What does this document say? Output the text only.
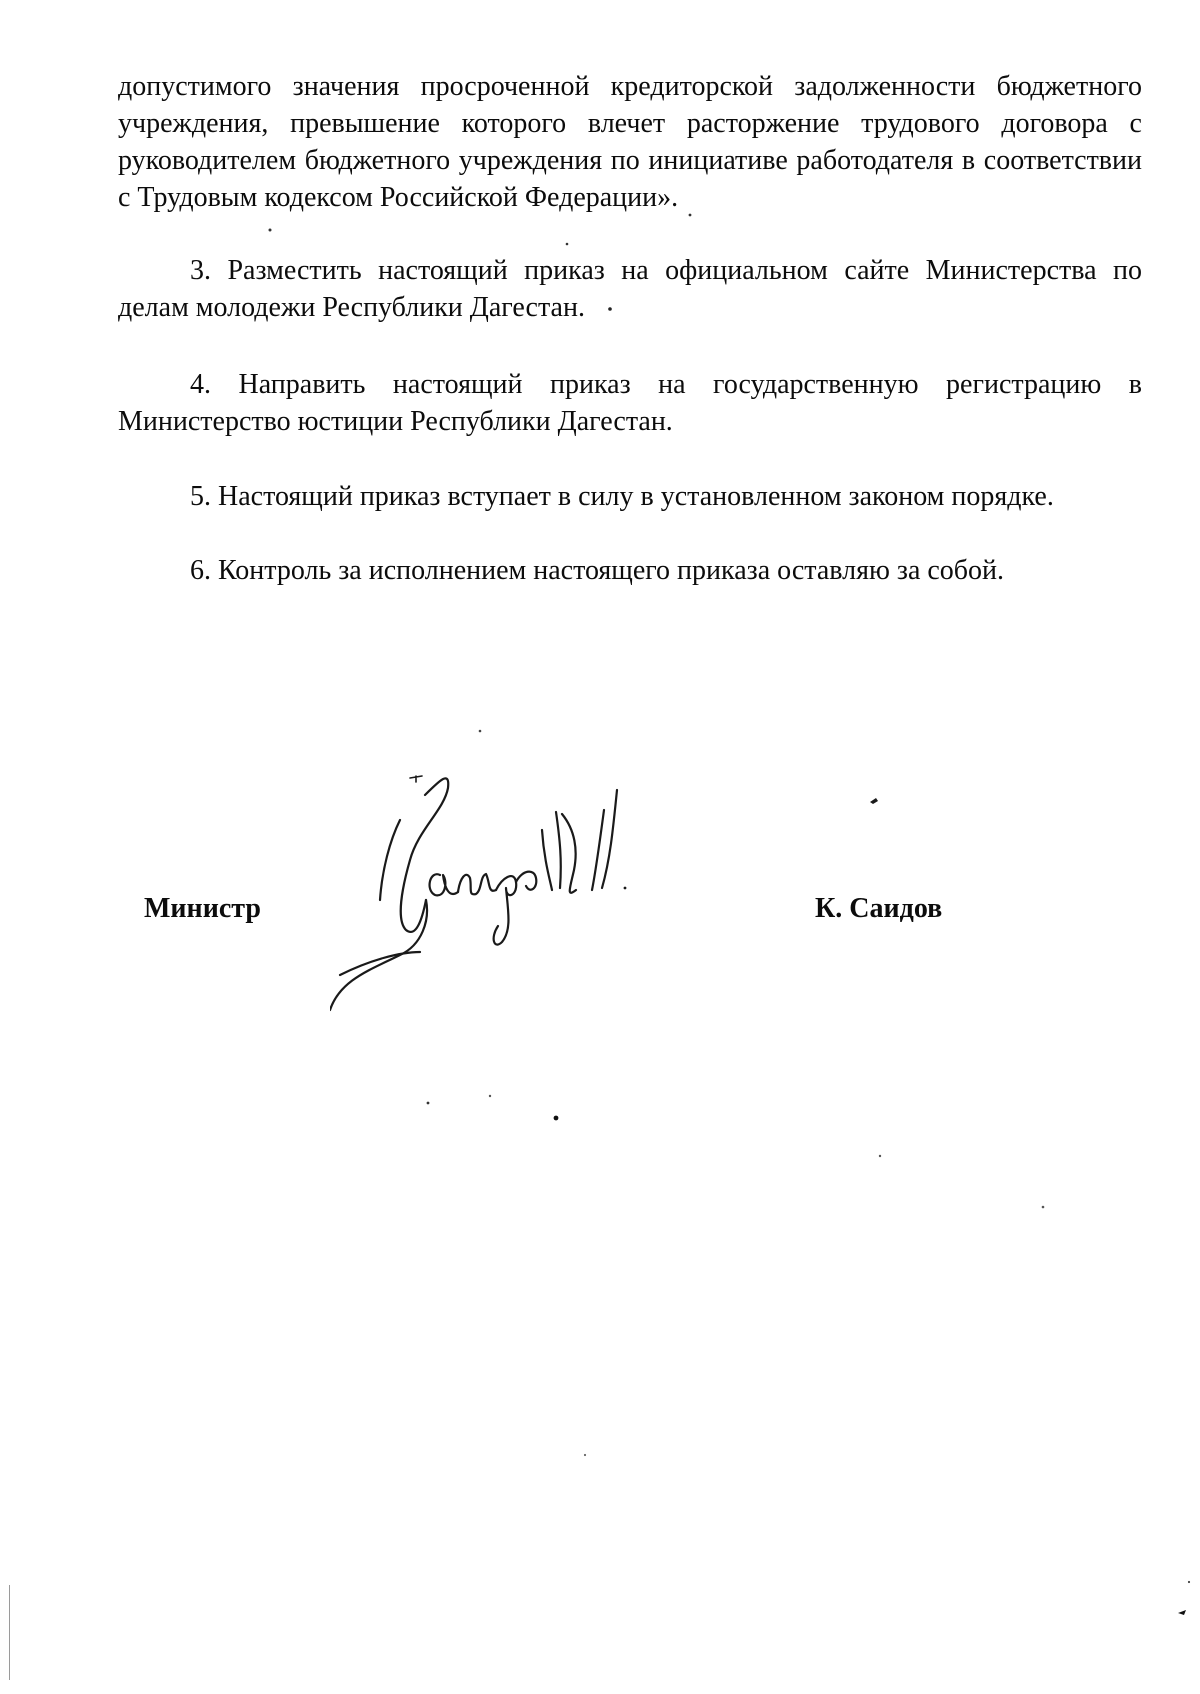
допустимого значения просроченной кредиторской задолженности бюджетного учреждения, превышение которого влечет расторжение трудового договора с руководителем бюджетного учреждения по инициативе работодателя в соответствии с Трудовым кодексом Российской Федерации».

3. Разместить настоящий приказ на официальном сайте Министерства по делам молодежи Республики Дагестан.

4. Направить настоящий приказ на государственную регистрацию в Министерство юстиции Республики Дагестан.

5. Настоящий приказ вступает в силу в установленном законом порядке.

6. Контроль за исполнением настоящего приказа оставляю за собой.

Министр	К. Саидов
